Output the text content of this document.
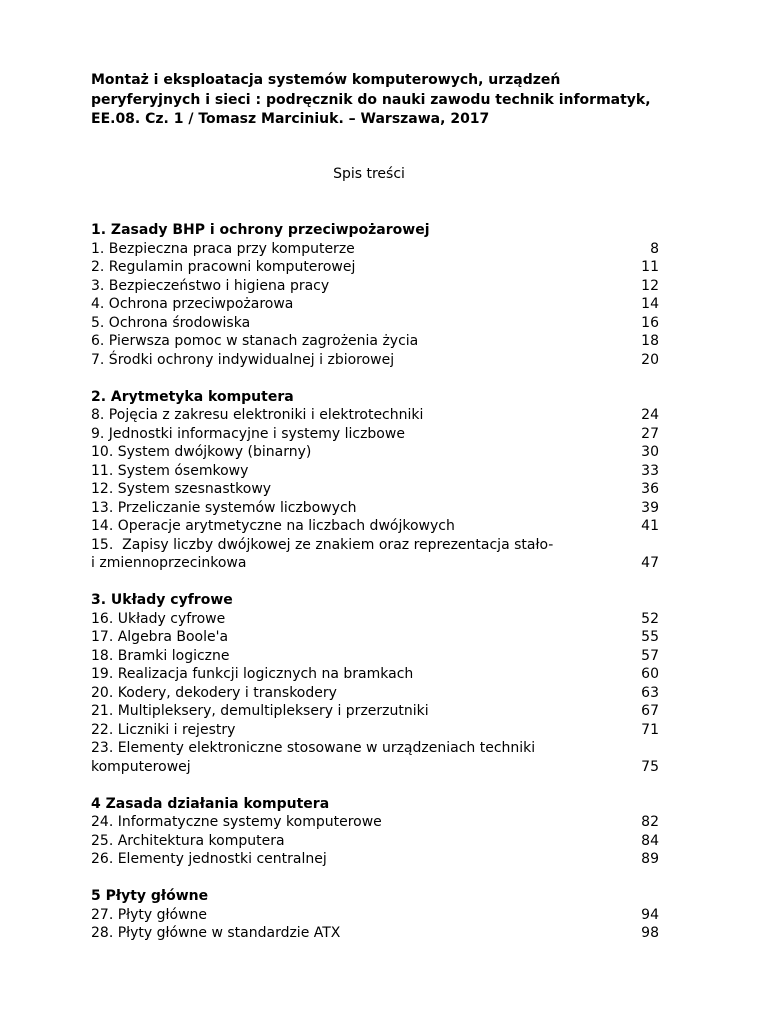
Montaż i eksploatacja systemów komputerowych, urządzeń peryferyjnych i sieci : podręcznik do nauki zawodu technik informatyk, EE.08. Cz. 1 / Tomasz Marciniuk. – Warszawa, 2017
Spis treści
1. Zasady BHP i ochrony przeciwpożarowej
1. Bezpieczna praca przy komputerze	8
2. Regulamin pracowni komputerowej	11
3. Bezpieczeństwo i higiena pracy	12
4. Ochrona przeciwpożarowa	14
5. Ochrona środowiska	16
6. Pierwsza pomoc w stanach zagrożenia życia	18
7. Środki ochrony indywidualnej i zbiorowej	20
2. Arytmetyka komputera
8. Pojęcia z zakresu elektroniki i elektrotechniki	24
9. Jednostki informacyjne i systemy liczbowe	27
10. System dwójkowy (binarny)	30
11. System ósemkowy	33
12. System szesnastkowy	36
13. Przeliczanie systemów liczbowych	39
14. Operacje arytmetyczne na liczbach dwójkowych	41
15.  Zapisy liczby dwójkowej ze znakiem oraz reprezentacja stało-
i zmiennoprzecinkowa	47
3. Układy cyfrowe
16. Układy cyfrowe	52
17. Algebra Boole'a	55
18. Bramki logiczne	57
19. Realizacja funkcji logicznych na bramkach	60
20. Kodery, dekodery i transkodery	63
21. Multipleksery, demultipleksery i przerzutniki	67
22. Liczniki i rejestry	71
23. Elementy elektroniczne stosowane w urządzeniach techniki
komputerowej	75
4 Zasada działania komputera
24. Informatyczne systemy komputerowe	82
25. Architektura komputera	84
26. Elementy jednostki centralnej	89
5 Płyty główne
27. Płyty główne	94
28. Płyty główne w standardzie ATX	98
